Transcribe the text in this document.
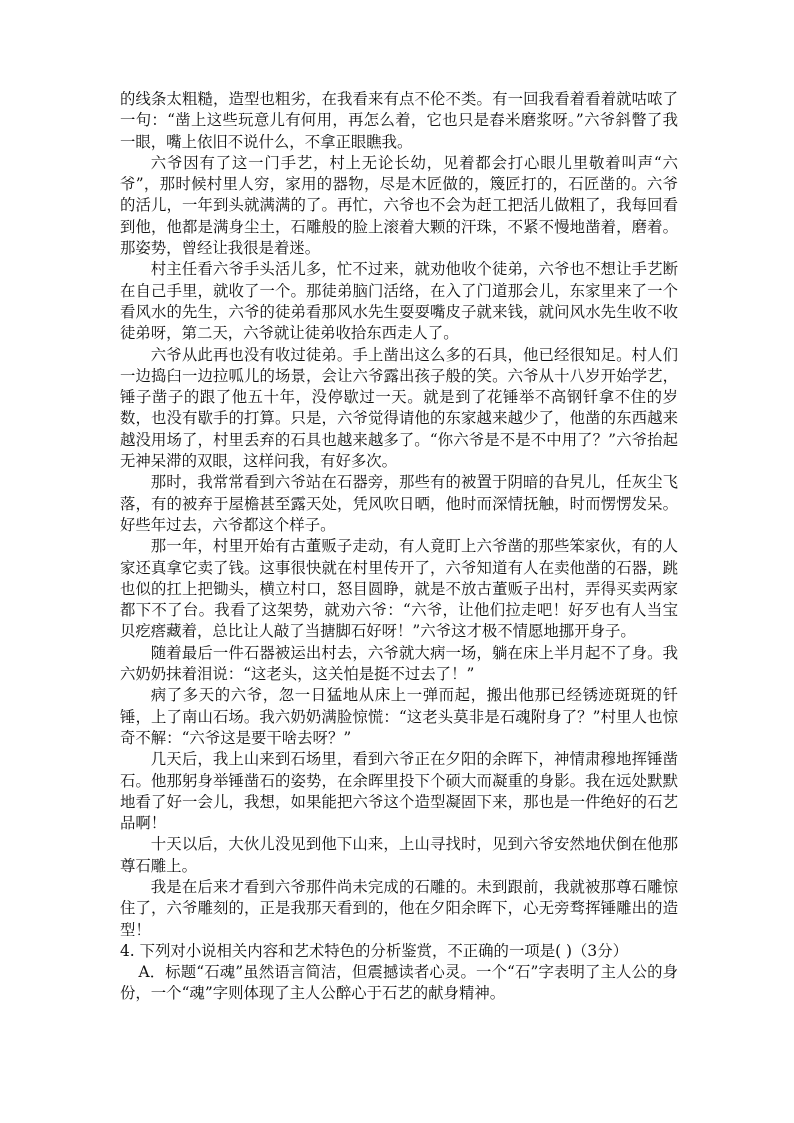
的线条太粗糙，造型也粗劣，在我看来有点不伦不类。有一回我看着看着就咕哝了一句：“凿上这些玩意儿有何用，再怎么着，它也只是舂米磨浆呀。”六爷斜瞥了我一眼，嘴上依旧不说什么，不拿正眼瞧我。

六爷因有了这一门手艺，村上无论长幼，见着都会打心眼儿里敬着叫声“六爷”，那时候村里人穷，家用的器物，尽是木匠做的，篾匠打的，石匠凿的。六爷的活儿，一年到头就满满的了。再忙，六爷也不会为赶工把活儿做粗了，我每回看到他，他都是满身尘土，石雕般的脸上滚着大颗的汗珠，不紧不慢地凿着，磨着。那姿势，曾经让我很是着迷。

村主任看六爷手头活儿多，忙不过来，就劝他收个徒弟，六爷也不想让手艺断在自己手里，就收了一个。那徒弟脑门活络，在入了门道那会儿，东家里来了一个看风水的先生，六爷的徒弟看那风水先生耍耍嘴皮子就来钱，就问风水先生收不收徒弟呀，第二天，六爷就让徒弟收拾东西走人了。

六爷从此再也没有收过徒弟。手上凿出这么多的石具，他已经很知足。村人们一边捣臼一边拉呱儿的场景，会让六爷露出孩子般的笑。六爷从十八岁开始学艺，锤子凿子的跟了他五十年，没停歇过一天。就是到了花锤举不高钢钎拿不住的岁数，也没有歇手的打算。只是，六爷觉得请他的东家越来越少了，他凿的东西越来越没用场了，村里丢弃的石具也越来越多了。“你六爷是不是不中用了？”六爷抬起无神呆滞的双眼，这样问我，有好多次。

那时，我常常看到六爷站在石器旁，那些有的被置于阴暗的旮旯儿，任灰尘飞落，有的被弃于屋檐甚至露天处，凭风吹日晒，他时而深情抚触，时而愣愣发呆。好些年过去，六爷都这个样子。

那一年，村里开始有古董贩子走动，有人竟盯上六爷凿的那些笨家伙，有的人家还真拿它卖了钱。这事很快就在村里传开了，六爷知道有人在卖他凿的石器，跳也似的扛上把锄头，横立村口，怒目圆睁，就是不放古董贩子出村，弄得买卖两家都下不了台。我看了这架势，就劝六爷：“六爷，让他们拉走吧！好歹也有人当宝贝疙瘩藏着，总比让人敲了当搪脚石好呀！”六爷这才极不情愿地挪开身子。

随着最后一件石器被运出村去，六爷就大病一场，躺在床上半月起不了身。我六奶奶抹着泪说：“这老头，这关怕是挺不过去了！”

病了多天的六爷，忽一日猛地从床上一弹而起，搬出他那已经锈迹斑斑的钎锤，上了南山石场。我六奶奶满脸惊慌：“这老头莫非是石魂附身了？”村里人也惊奇不解：“六爷这是要干啥去呀？”

几天后，我上山来到石场里，看到六爷正在夕阳的余晖下，神情肃穆地挥锤凿石。他那躬身举锤凿石的姿势，在余晖里投下个硕大而凝重的身影。我在远处默默地看了好一会儿，我想，如果能把六爷这个造型凝固下来，那也是一件绝好的石艺品啊！

十天以后，大伙儿没见到他下山来，上山寻找时，见到六爷安然地伏倒在他那尊石雕上。

我是在后来才看到六爷那件尚未完成的石雕的。未到跟前，我就被那尊石雕惊住了，六爷雕刻的，正是我那天看到的，他在夕阳余晖下，心无旁骛挥锤雕出的造型！

4. 下列对小说相关内容和艺术特色的分析鉴赏，不正确的一项是( )（3分）

A．标题“石魂”虽然语言简洁，但震撼读者心灵。一个“石”字表明了主人公的身份，一个“魂”字则体现了主人公醉心于石艺的献身精神。
